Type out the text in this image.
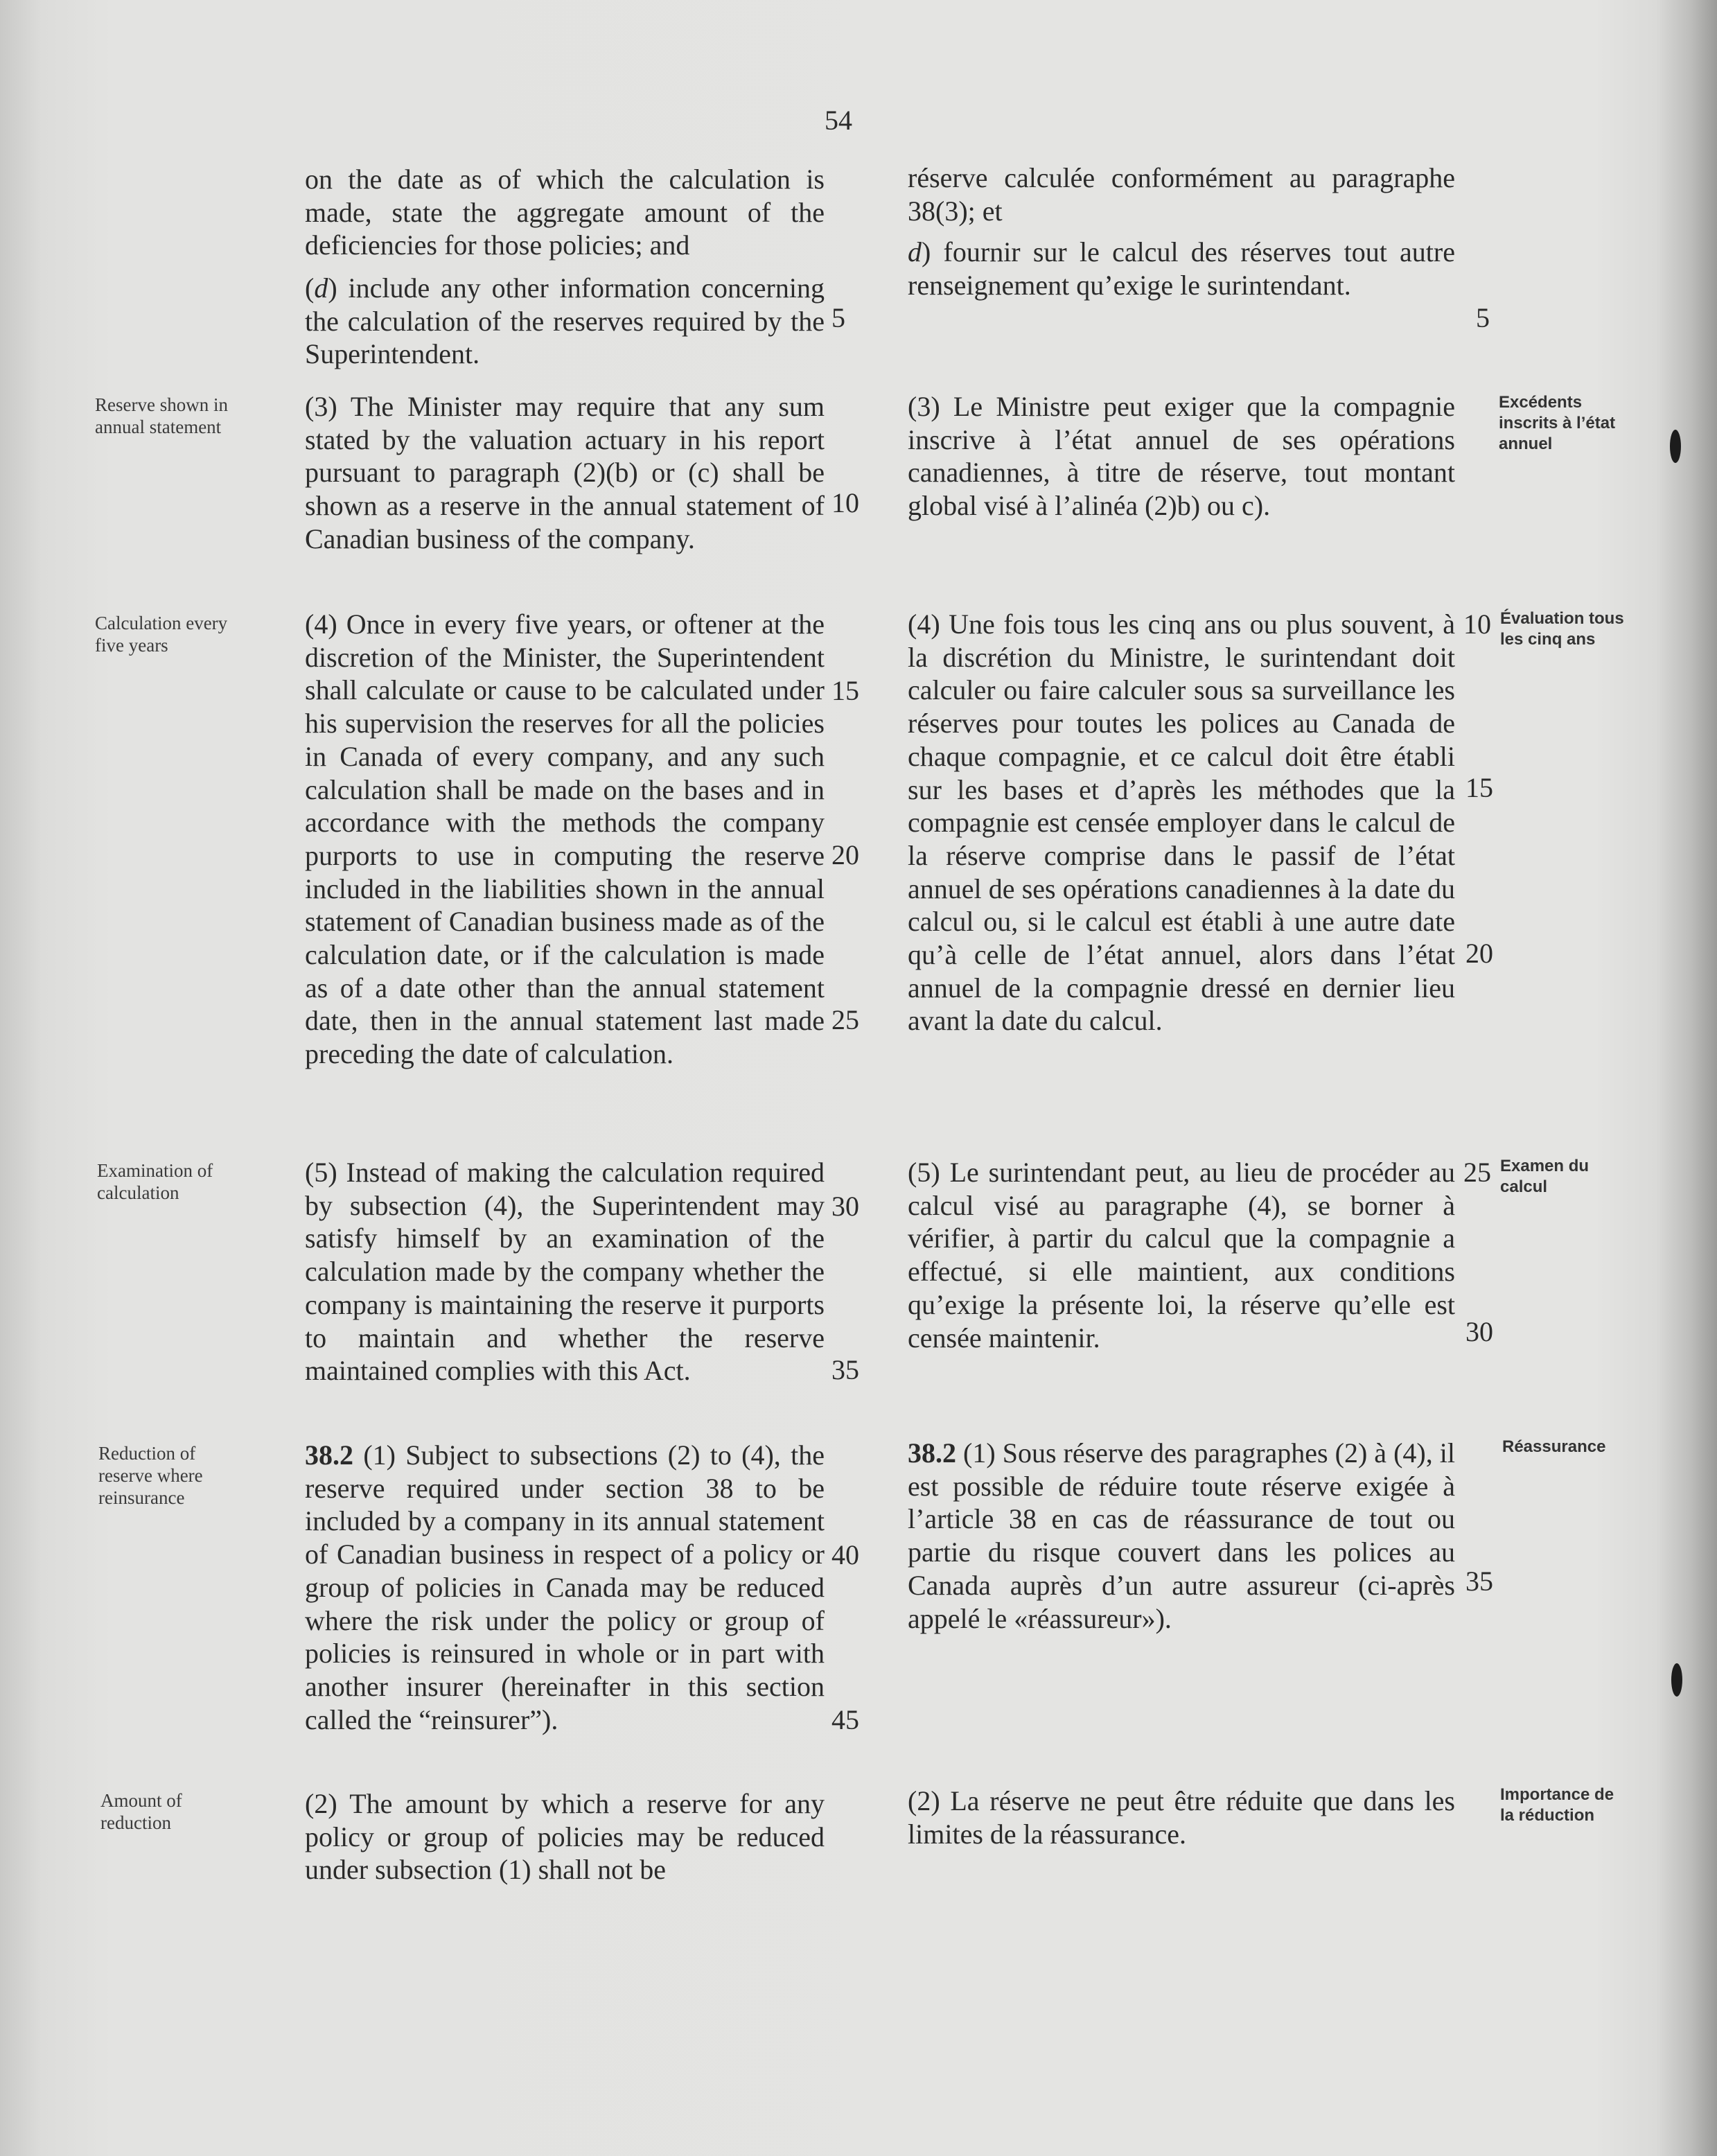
54

on the date as of which the calculation is made, state the aggregate amount of the deficiencies for those policies; and

(d) include any other information concerning the calculation of the reserves required by the Superintendent.

(3) The Minister may require that any sum stated by the valuation actuary in his report pursuant to paragraph (2)(b) or (c) shall be shown as a reserve in the annual statement of Canadian business of the company.

(4) Once in every five years, or oftener at the discretion of the Minister, the Superintendent shall calculate or cause to be calculated under his supervision the reserves for all the policies in Canada of every company, and any such calculation shall be made on the bases and in accordance with the methods the company purports to use in computing the reserve included in the liabilities shown in the annual statement of Canadian business made as of the calculation date, or if the calculation is made as of a date other than the annual statement date, then in the annual statement last made preceding the date of calculation.

(5) Instead of making the calculation required by subsection (4), the Superintendent may satisfy himself by an examination of the calculation made by the company whether the company is maintaining the reserve it purports to maintain and whether the reserve maintained complies with this Act.

38.2 (1) Subject to subsections (2) to (4), the reserve required under section 38 to be included by a company in its annual statement of Canadian business in respect of a policy or group of policies in Canada may be reduced where the risk under the policy or group of policies is reinsured in whole or in part with another insurer (hereinafter in this section called the “reinsurer”).

(2) The amount by which a reserve for any policy or group of policies may be reduced under subsection (1) shall not be

5
10
15
20
25
30
35
40
45
Reserve shown in annual statement
Calculation every five years
Examination of calculation
Reduction of reserve where reinsurance
Amount of reduction

réserve calculée conformément au paragraphe 38(3); et

d) fournir sur le calcul des réserves tout autre renseignement qu’exige le surintendant.

(3) Le Ministre peut exiger que la compagnie inscrive à l’état annuel de ses opérations canadiennes, à titre de réserve, tout montant global visé à l’alinéa (2)b) ou c).

(4) Une fois tous les cinq ans ou plus souvent, à la discrétion du Ministre, le surintendant doit calculer ou faire calculer sous sa surveillance les réserves pour toutes les polices au Canada de chaque compagnie, et ce calcul doit être établi sur les bases et d’après les méthodes que la compagnie est censée employer dans le calcul de la réserve comprise dans le passif de l’état annuel de ses opérations canadiennes à la date du calcul ou, si le calcul est établi à une autre date qu’à celle de l’état annuel, alors dans l’état annuel de la compagnie dressé en dernier lieu avant la date du calcul.

(5) Le surintendant peut, au lieu de procéder au calcul visé au paragraphe (4), se borner à vérifier, à partir du calcul que la compagnie a effectué, si elle maintient, aux conditions qu’exige la présente loi, la réserve qu’elle est censée maintenir.

38.2 (1) Sous réserve des paragraphes (2) à (4), il est possible de réduire toute réserve exigée à l’article 38 en cas de réassurance de tout ou partie du risque couvert dans les polices au Canada auprès d’un autre assureur (ci-après appelé le «réassureur»).

(2) La réserve ne peut être réduite que dans les limites de la réassurance.

5
10
15
20
25
30
35
Excédents inscrits à l’état annuel
Évaluation tous les cinq ans
Examen du calcul
Réassurance
Importance de la réduction
